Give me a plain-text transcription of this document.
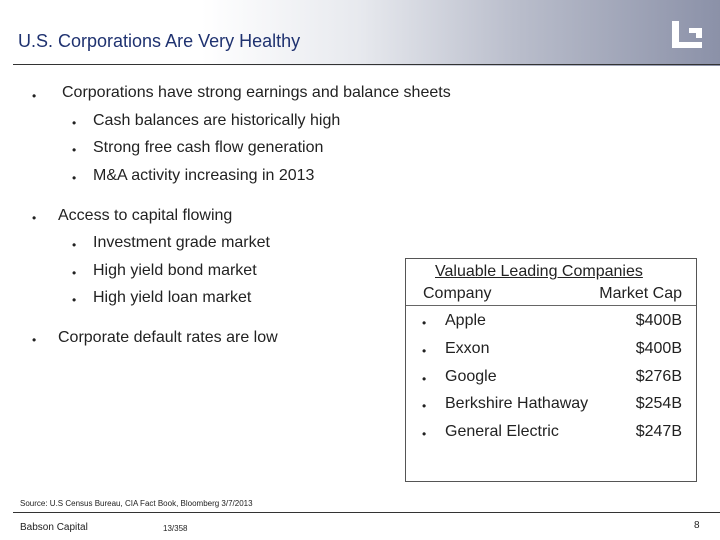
U.S. Corporations Are Very Healthy
• Corporations have strong earnings and balance sheets
• Cash balances are historically high
• Strong free cash flow generation
• M&A activity increasing in 2013
• Access to capital flowing
• Investment grade market
• High yield bond market
• High yield loan market
• Corporate default rates are low
Valuable Leading Companies
Company	Market Cap
• Apple	$400B
• Exxon	$400B
• Google	$276B
• Berkshire Hathaway	$254B
• General Electric	$247B
Source: U.S Census Bureau, CIA Fact Book, Bloomberg 3/7/2013
Babson Capital	13/358	8
